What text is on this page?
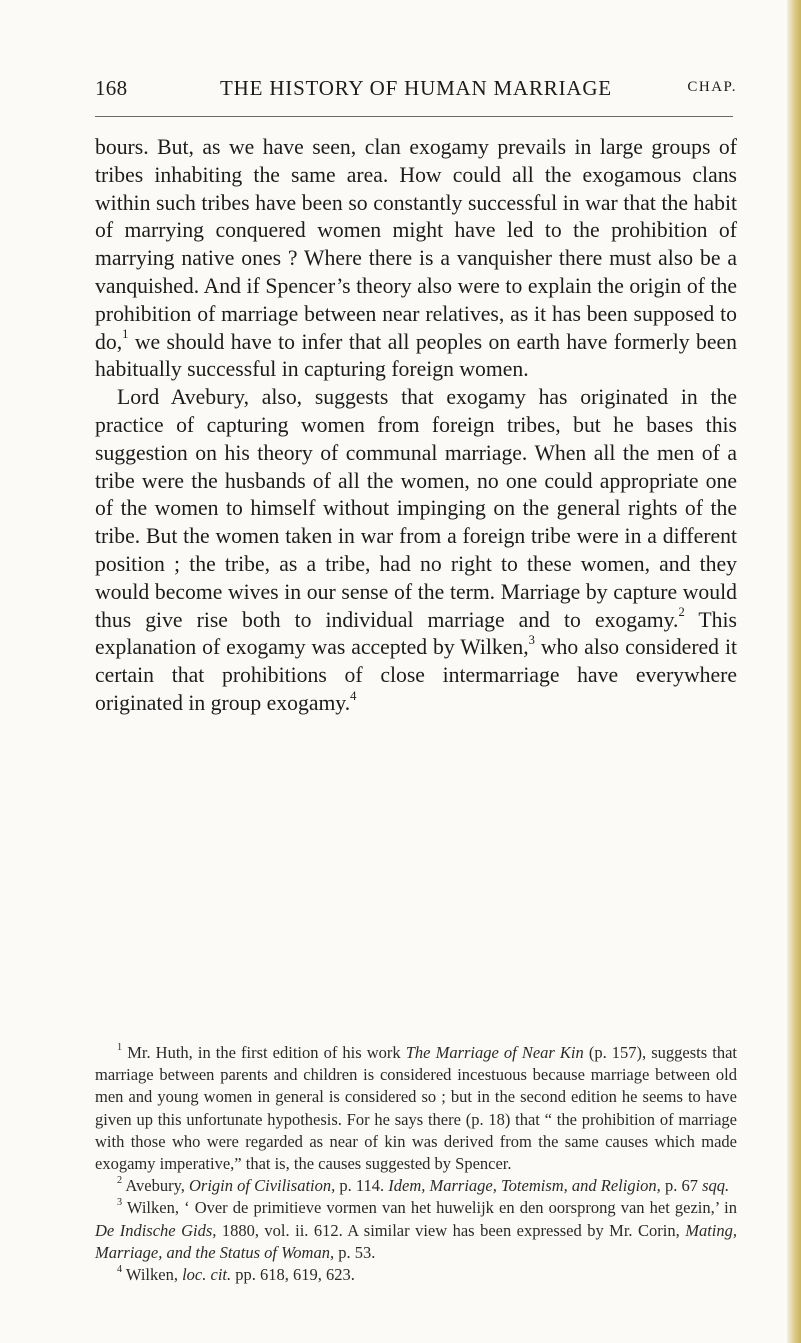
168	THE HISTORY OF HUMAN MARRIAGE	CHAP.

bours. But, as we have seen, clan exogamy prevails in large groups of tribes inhabiting the same area. How could all the exogamous clans within such tribes have been so constantly successful in war that the habit of marrying conquered women might have led to the prohibition of marrying native ones ? Where there is a vanquisher there must also be a vanquished. And if Spencer’s theory also were to explain the origin of the prohibition of marriage between near relatives, as it has been supposed to do,$^1$ we should have to infer that all peoples on earth have formerly been habitually successful in capturing foreign women.

Lord Avebury, also, suggests that exogamy has originated in the practice of capturing women from foreign tribes, but he bases this suggestion on his theory of communal marriage. When all the men of a tribe were the husbands of all the women, no one could appropriate one of the women to himself without impinging on the general rights of the tribe. But the women taken in war from a foreign tribe were in a different position ; the tribe, as a tribe, had no right to these women, and they would become wives in our sense of the term. Marriage by capture would thus give rise both to individual marriage and to exogamy.$^2$ This explanation of exogamy was accepted by Wilken,$^3$ who also considered it certain that prohibitions of close intermarriage have everywhere originated in group exogamy.$^4$

$^1$ Mr. Huth, in the first edition of his work The Marriage of Near Kin (p. 157), suggests that marriage between parents and children is considered incestuous because marriage between old men and young women in general is considered so ; but in the second edition he seems to have given up this unfortunate hypothesis. For he says there (p. 18) that “ the prohibition of marriage with those who were regarded as near of kin was derived from the same causes which made exogamy imperative,” that is, the causes suggested by Spencer.

$^2$ Avebury, Origin of Civilisation, p. 114. Idem, Marriage, Totemism, and Religion, p. 67 sqq.

$^3$ Wilken, ‘ Over de primitieve vormen van het huwelijk en den oorsprong van het gezin,’ in De Indische Gids, 1880, vol. ii. 612. A similar view has been expressed by Mr. Corin, Mating, Marriage, and the Status of Woman, p. 53.

$^4$ Wilken, loc. cit. pp. 618, 619, 623.
